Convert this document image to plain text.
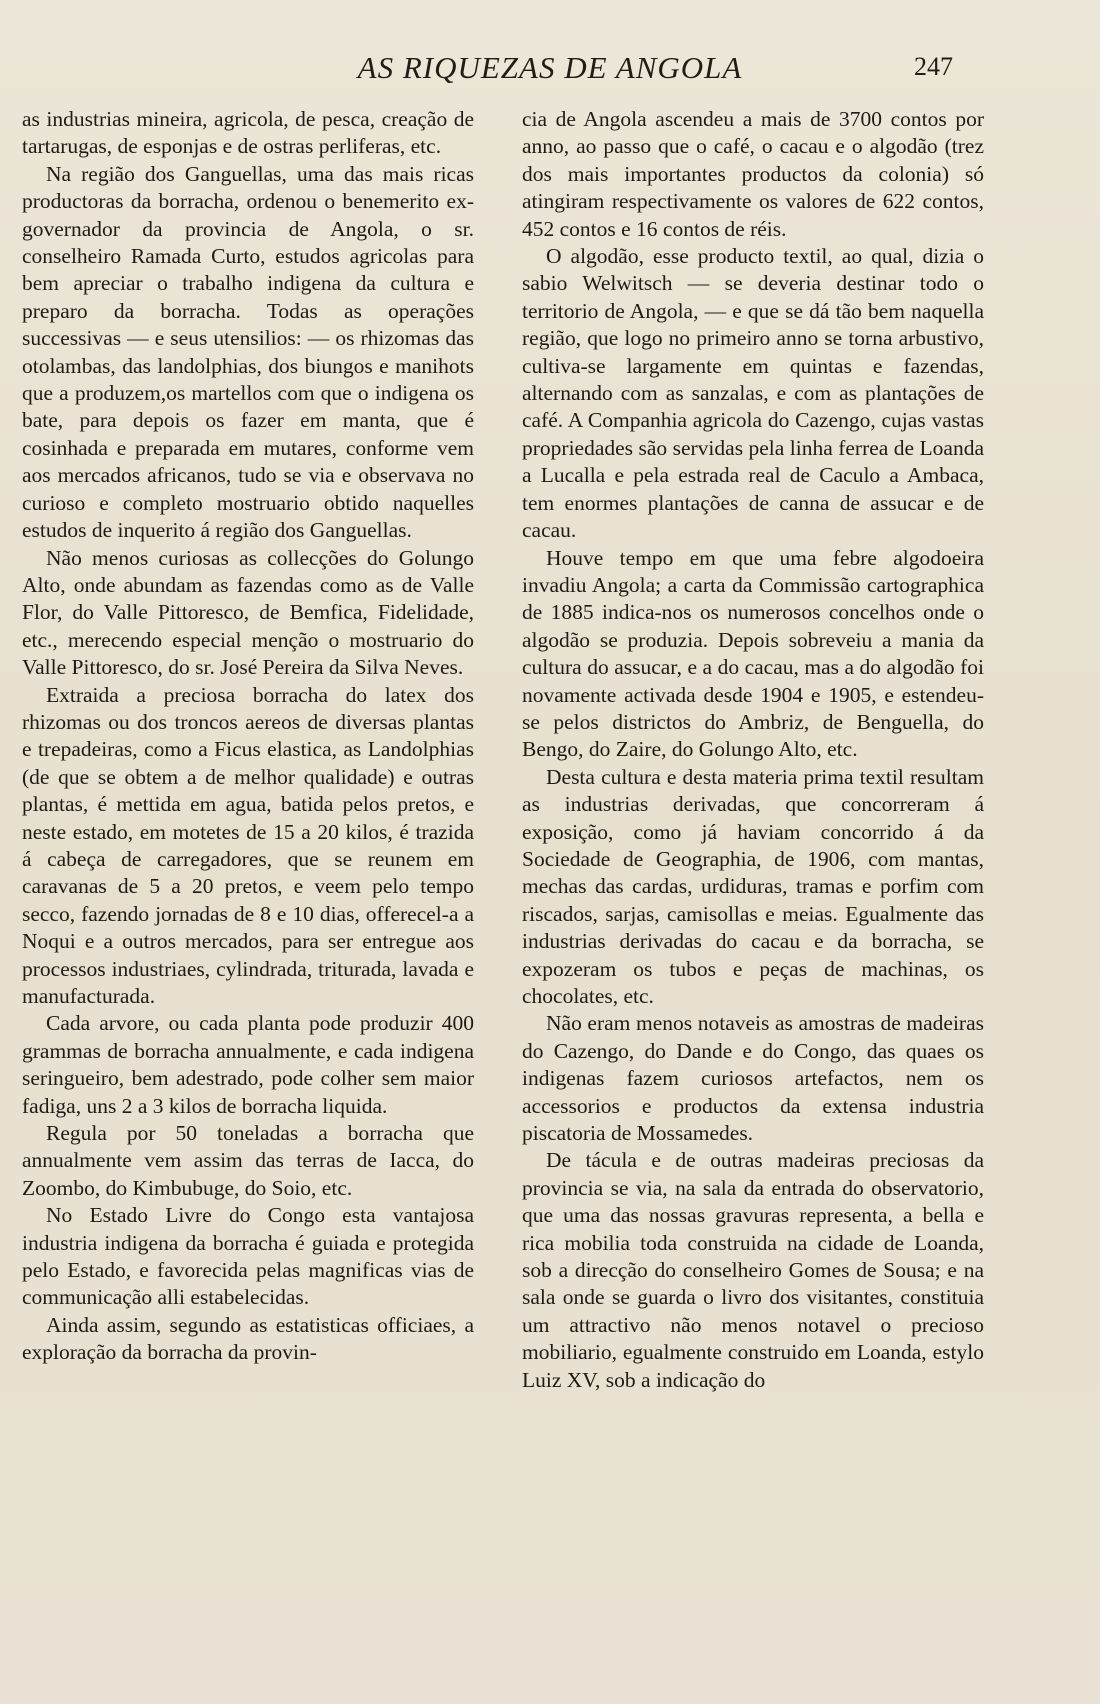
AS RIQUEZAS DE ANGOLA	247

as industrias mineira, agricola, de pesca, creação de tartarugas, de esponjas e de ostras perliferas, etc.

Na região dos Ganguellas, uma das mais ricas productoras da borracha, ordenou o benemerito ex-governador da provincia de Angola, o sr. conselheiro Ramada Curto, estudos agricolas para bem apreciar o trabalho indigena da cultura e preparo da borracha. Todas as operações successivas — e seus utensilios: — os rhizomas das otolambas, das landolphias, dos biungos e manihots que a produzem,os martellos com que o indigena os bate, para depois os fazer em manta, que é cosinhada e preparada em mutares, conforme vem aos mercados africanos, tudo se via e observava no curioso e completo mostruario obtido naquelles estudos de inquerito á região dos Ganguellas.

Não menos curiosas as collecções do Golungo Alto, onde abundam as fazendas como as de Valle Flor, do Valle Pittoresco, de Bemfica, Fidelidade, etc., merecendo especial menção o mostruario do Valle Pittoresco, do sr. José Pereira da Silva Neves.

Extraida a preciosa borracha do latex dos rhizomas ou dos troncos aereos de diversas plantas e trepadeiras, como a Ficus elastica, as Landolphias (de que se obtem a de melhor qualidade) e outras plantas, é mettida em agua, batida pelos pretos, e neste estado, em motetes de 15 a 20 kilos, é trazida á cabeça de carregadores, que se reunem em caravanas de 5 a 20 pretos, e veem pelo tempo secco, fazendo jornadas de 8 e 10 dias, offerecel-a a Noqui e a outros mercados, para ser entregue aos processos industriaes, cylindrada, triturada, lavada e manufacturada.

Cada arvore, ou cada planta pode produzir 400 grammas de borracha annualmente, e cada indigena seringueiro, bem adestrado, pode colher sem maior fadiga, uns 2 a 3 kilos de borracha liquida.

Regula por 50 toneladas a borracha que annualmente vem assim das terras de Iacca, do Zoombo, do Kimbubuge, do Soio, etc.

No Estado Livre do Congo esta vantajosa industria indigena da borracha é guiada e protegida pelo Estado, e favorecida pelas magnificas vias de communicação alli estabelecidas.

Ainda assim, segundo as estatisticas officiaes, a exploração da borracha da provin-

cia de Angola ascendeu a mais de 3700 contos por anno, ao passo que o café, o cacau e o algodão (trez dos mais importantes productos da colonia) só atingiram respectivamente os valores de 622 contos, 452 contos e 16 contos de réis.

O algodão, esse producto textil, ao qual, dizia o sabio Welwitsch — se deveria destinar todo o territorio de Angola, — e que se dá tão bem naquella região, que logo no primeiro anno se torna arbustivo, cultiva-se largamente em quintas e fazendas, alternando com as sanzalas, e com as plantações de café. A Companhia agricola do Cazengo, cujas vastas propriedades são servidas pela linha ferrea de Loanda a Lucalla e pela estrada real de Caculo a Ambaca, tem enormes plantações de canna de assucar e de cacau.

Houve tempo em que uma febre algodoeira invadiu Angola; a carta da Commissão cartographica de 1885 indica-nos os numerosos concelhos onde o algodão se produzia. Depois sobreveiu a mania da cultura do assucar, e a do cacau, mas a do algodão foi novamente activada desde 1904 e 1905, e estendeu-se pelos districtos do Ambriz, de Benguella, do Bengo, do Zaire, do Golungo Alto, etc.

Desta cultura e desta materia prima textil resultam as industrias derivadas, que concorreram á exposição, como já haviam concorrido á da Sociedade de Geographia, de 1906, com mantas, mechas das cardas, urdiduras, tramas e porfim com riscados, sarjas, camisollas e meias. Egualmente das industrias derivadas do cacau e da borracha, se expozeram os tubos e peças de machinas, os chocolates, etc.

Não eram menos notaveis as amostras de madeiras do Cazengo, do Dande e do Congo, das quaes os indigenas fazem curiosos artefactos, nem os accessorios e productos da extensa industria piscatoria de Mossamedes.

De tácula e de outras madeiras preciosas da provincia se via, na sala da entrada do observatorio, que uma das nossas gravuras representa, a bella e rica mobilia toda construida na cidade de Loanda, sob a direcção do conselheiro Gomes de Sousa; e na sala onde se guarda o livro dos visitantes, constituia um attractivo não menos notavel o precioso mobiliario, egualmente construido em Loanda, estylo Luiz XV, sob a indicação do
